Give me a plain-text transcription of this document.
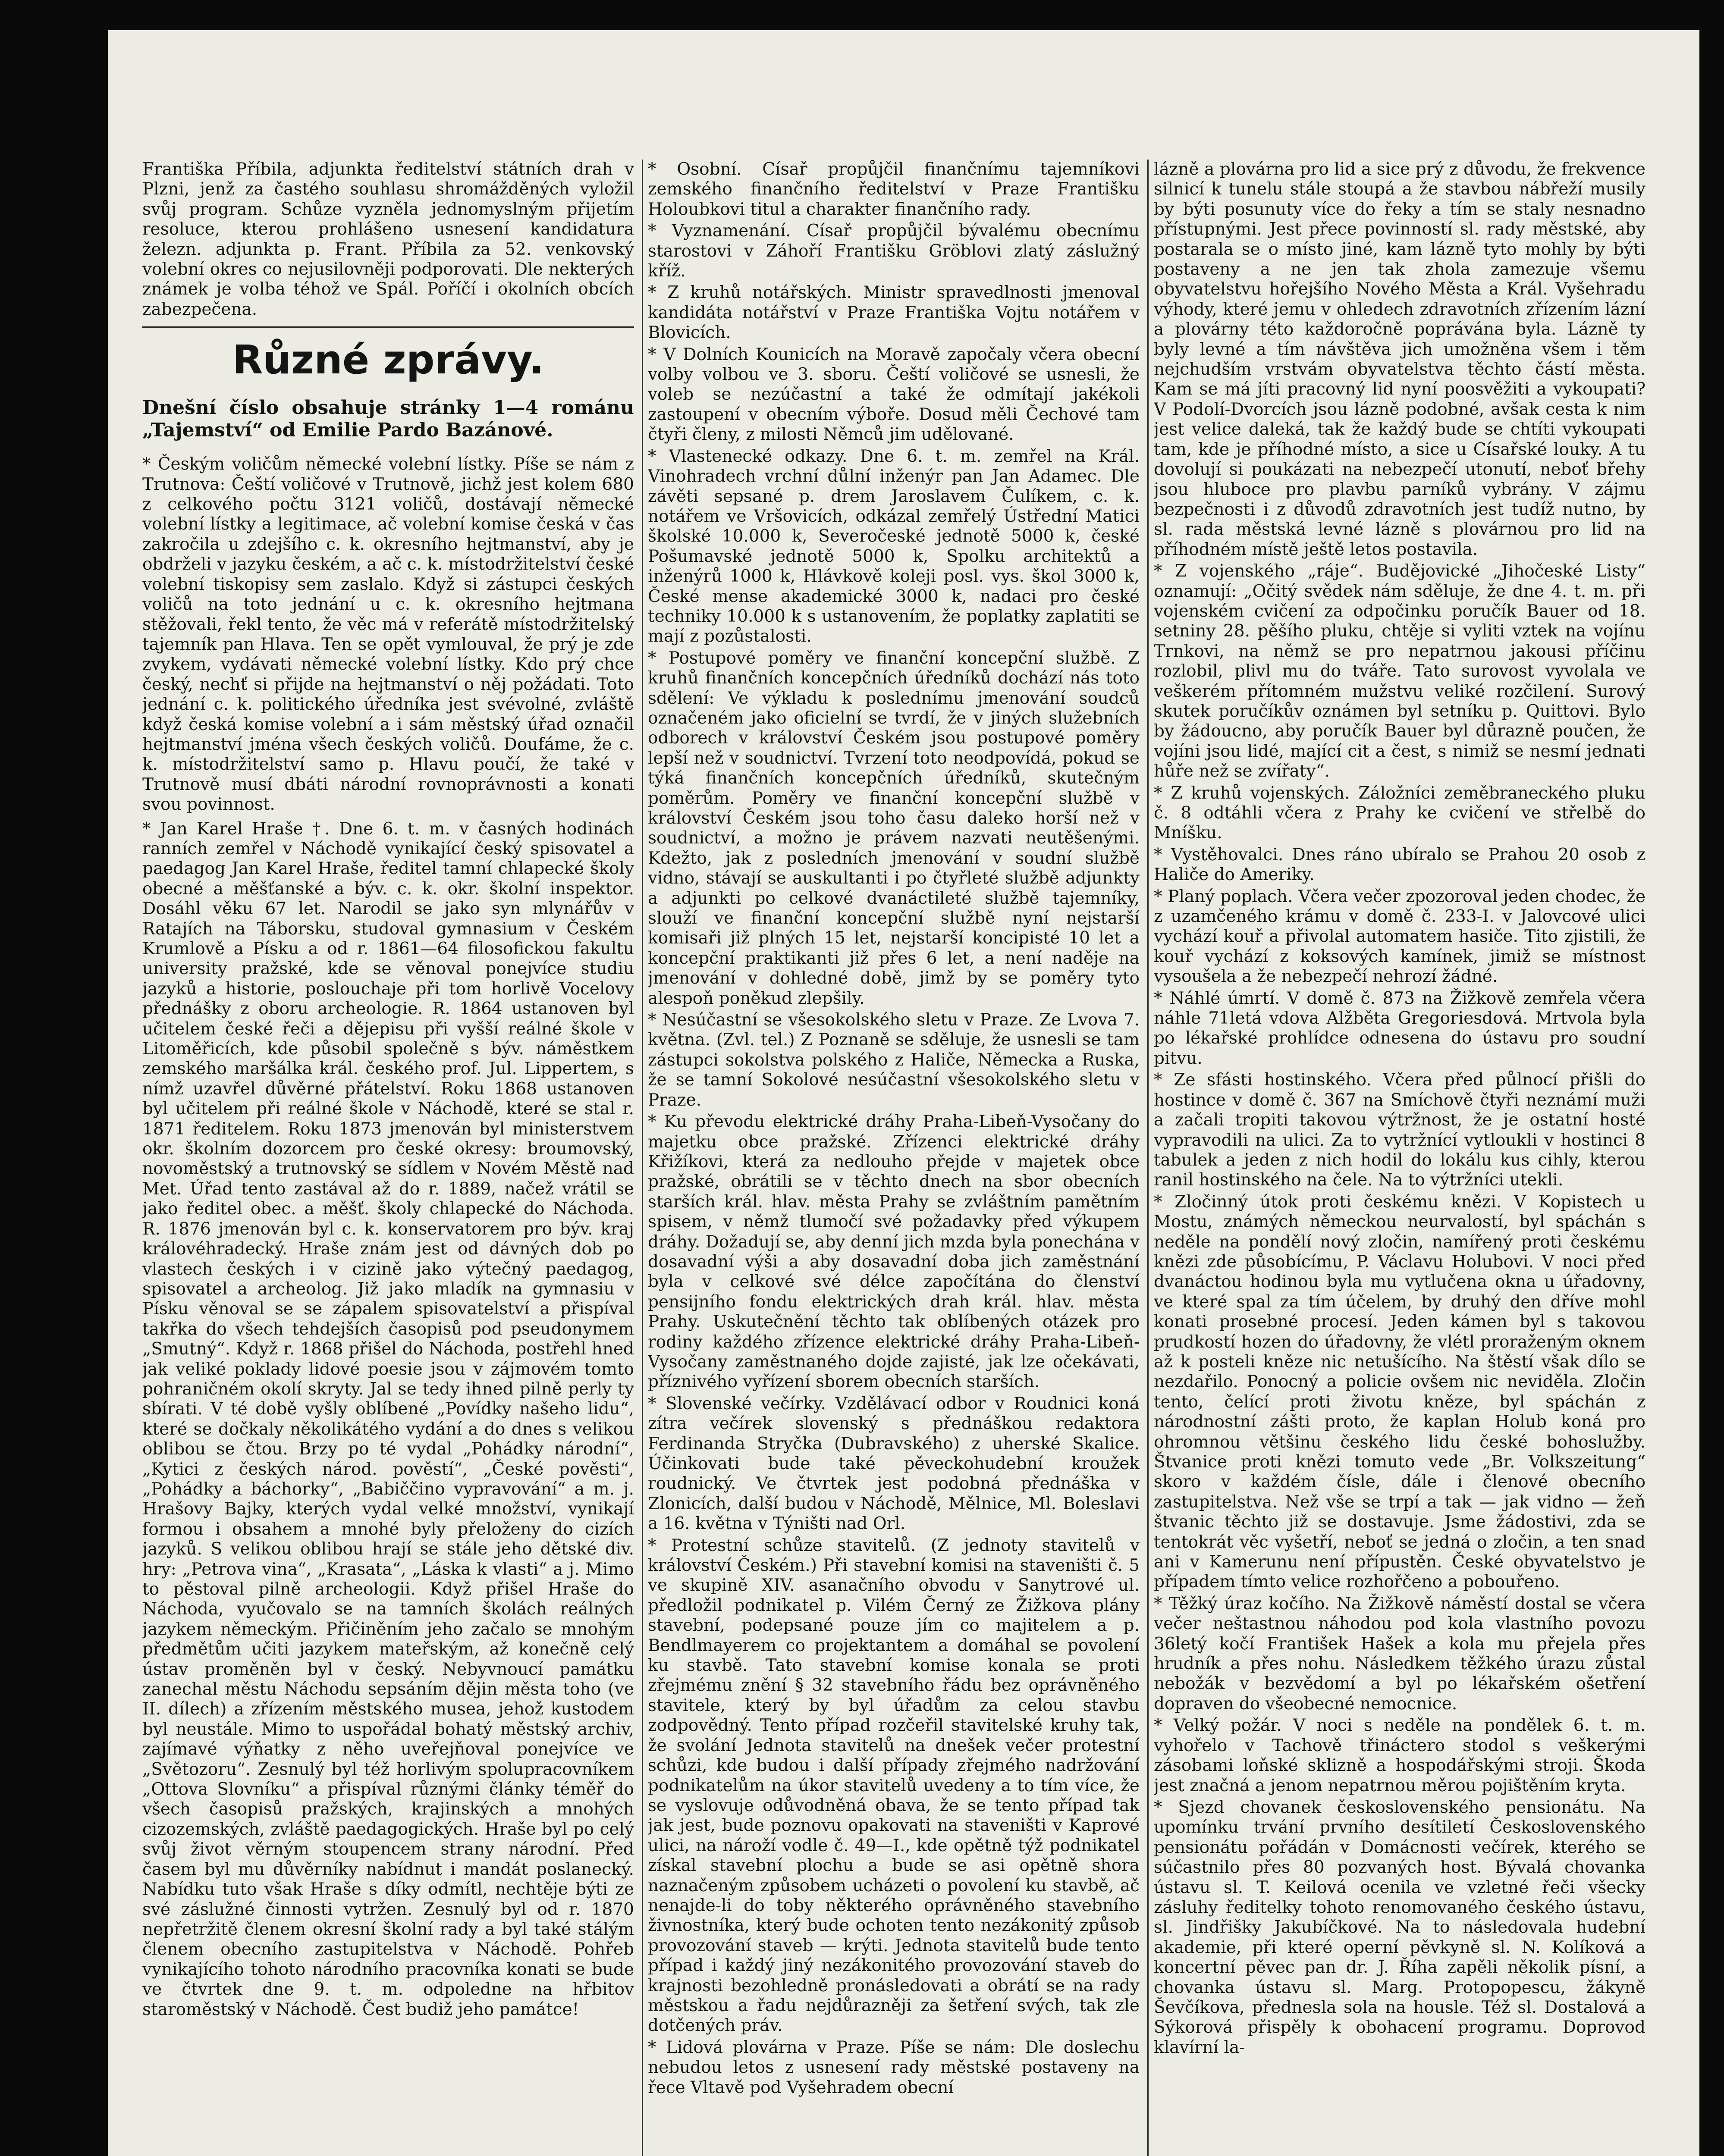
Františka Příbila, adjunkta ředitelství státních drah v Plzni, jenž za častého souhlasu shromážděných vyložil svůj program. Schůze vyzněla jednomyslným přijetím resoluce, kterou prohlášeno usnesení kandidatura železn. adjunkta p. Frant. Příbila za 52. venkovský volební okres co nejusilovněji podporovati. Dle nekterých známek je volba téhož ve Spál. Poříčí i okolních obcích zabezpečena.
Různé zprávy.
Dnešní číslo obsahuje stránky 1—4 románu „Tajemství“ od Emilie Pardo Bazánové.
* Českým voličům německé volební lístky. Píše se nám z Trutnova: Čeští voličové v Trutnově, jichž jest kolem 680 z celkového počtu 3121 voličů, dostávají německé volební lístky a legitimace, ač volební komise česká v čas zakročila u zdejšího c. k. okresního hejtmanství, aby je obdrželi v jazyku českém, a ač c. k. místodržitelství české volební tiskopisy sem zaslalo. Když si zástupci českých voličů na toto jednání u c. k. okresního hejtmana stěžovali, řekl tento, že věc má v referátě místodržitelský tajemník pan Hlava. Ten se opět vymlouval, že prý je zde zvykem, vydávati německé volební lístky. Kdo prý chce český, nechť si přijde na hejtmanství o něj požádati. Toto jednání c. k. politického úředníka jest svévolné, zvláště když česká komise volební a i sám městský úřad označil hejtmanství jména všech českých voličů. Doufáme, že c. k. místodržitelství samo p. Hlavu poučí, že také v Trutnově musí dbáti národní rovnoprávnosti a konati svou povinnost.
* Jan Karel Hraše †. Dne 6. t. m. v časných hodinách ranních zemřel v Náchodě vynikající český spisovatel a paedagog Jan Karel Hraše, ředitel tamní chlapecké školy obecné a měšťanské a býv. c. k. okr. školní inspektor. Dosáhl věku 67 let. Narodil se jako syn mlynářův v Ratajích na Táborsku, studoval gymnasium v Českém Krumlově a Písku a od r. 1861—64 filosofickou fakultu university pražské, kde se věnoval ponejvíce studiu jazyků a historie, poslouchaje při tom horlivě Vocelovy přednášky z oboru archeologie. R. 1864 ustanoven byl učitelem české řeči a dějepisu při vyšší reálné škole v Litoměřicích, kde působil společně s býv. náměstkem zemského maršálka král. českého prof. Jul. Lippertem, s nímž uzavřel důvěrné přátelství. Roku 1868 ustanoven byl učitelem při reálné škole v Náchodě, které se stal r. 1871 ředitelem. Roku 1873 jmenován byl ministerstvem okr. školním dozorcem pro české okresy: broumovský, novoměstský a trutnovský se sídlem v Novém Městě nad Met. Úřad tento zastával až do r. 1889, načež vrátil se jako ředitel obec. a měšť. školy chlapecké do Náchoda. R. 1876 jmenován byl c. k. konservatorem pro býv. kraj královéhradecký. Hraše znám jest od dávných dob po vlastech českých i v cizině jako výtečný paedagog, spisovatel a archeolog. Již jako mladík na gymnasiu v Písku věnoval se se zápalem spisovatelství a přispíval takřka do všech tehdejších časopisů pod pseudonymem „Smutný“. Když r. 1868 přišel do Náchoda, postřehl hned jak veliké poklady lidové poesie jsou v zájmovém tomto pohraničném okolí skryty. Jal se tedy ihned pilně perly ty sbírati. V té době vyšly oblíbené „Povídky našeho lidu“, které se dočkaly několikátého vydání a do dnes s velikou oblibou se čtou. Brzy po té vydal „Pohádky národní“, „Kytici z českých národ. pověstí“, „České pověsti“, „Pohádky a báchorky“, „Babiččino vypravování“ a m. j. Hrašovy Bajky, kterých vydal velké množství, vynikají formou i obsahem a mnohé byly přeloženy do cizích jazyků. S velikou oblibou hrají se stále jeho dětské div. hry: „Petrova vina“, „Krasata“, „Láska k vlasti“ a j. Mimo to pěstoval pilně archeologii. Když přišel Hraše do Náchoda, vyučovalo se na tamních školách reálných jazykem německým. Přičiněním jeho začalo se mnohým předmětům učiti jazykem mateřským, až konečně celý ústav proměněn byl v český. Nebyvnoucí památku zanechal městu Náchodu sepsáním dějin města toho (ve II. dílech) a zřízením městského musea, jehož kustodem byl neustále. Mimo to uspořádal bohatý městský archiv, zajímavé výňatky z něho uveřejňoval ponejvíce ve „Světozoru“. Zesnulý byl též horlivým spolupracovníkem „Ottova Slovníku“ a přispíval různými články téměř do všech časopisů pražských, krajinských a mnohých cizozemských, zvláště paedagogických. Hraše byl po celý svůj život věrným stoupencem strany národní. Před časem byl mu důvěrníky nabídnut i mandát poslanecký. Nabídku tuto však Hraše s díky odmítl, nechtěje býti ze své záslužné činnosti vytržen. Zesnulý byl od r. 1870 nepřetržitě členem okresní školní rady a byl také stálým členem obecního zastupitelstva v Náchodě. Pohřeb vynikajícího tohoto národního pracovníka konati se bude ve čtvrtek dne 9. t. m. odpoledne na hřbitov staroměstský v Náchodě. Čest budiž jeho památce!
* Osobní. Císař propůjčil finančnímu tajemníkovi zemského finančního ředitelství v Praze Františku Holoubkovi titul a charakter finančního rady.
* Vyznamenání. Císař propůjčil bývalému obecnímu starostovi v Záhoří Františku Gröblovi zlatý záslužný kříž.
* Z kruhů notářských. Ministr spravedlnosti jmenoval kandidáta notářství v Praze Františka Vojtu notářem v Blovicích.
* V Dolních Kounicích na Moravě započaly včera obecní volby volbou ve 3. sboru. Čeští voličové se usnesli, že voleb se nezúčastní a také že odmítají jakékoli zastoupení v obecním výboře. Dosud měli Čechové tam čtyři členy, z milosti Němců jim udělované.
* Vlastenecké odkazy. Dne 6. t. m. zemřel na Král. Vinohradech vrchní důlní inženýr pan Jan Adamec. Dle závěti sepsané p. drem Jaroslavem Čulíkem, c. k. notářem ve Vršovicích, odkázal zemřelý Ústřední Matici školské 10.000 k, Severočeské jednotě 5000 k, české Pošumavské jednotě 5000 k, Spolku architektů a inženýrů 1000 k, Hlávkově koleji posl. vys. škol 3000 k, České mense akademické 3000 k, nadaci pro české techniky 10.000 k s ustanovením, že poplatky zaplatiti se mají z pozůstalosti.
* Postupové poměry ve finanční koncepční službě. Z kruhů finančních koncepčních úředníků dochází nás toto sdělení: Ve výkladu k poslednímu jmenování soudců označeném jako oficielní se tvrdí, že v jiných služebních odborech v království Českém jsou postupové poměry lepší než v soudnictví. Tvrzení toto neodpovídá, pokud se týká finančních koncepčních úředníků, skutečným poměrům. Poměry ve finanční koncepční službě v království Českém jsou toho času daleko horší než v soudnictví, a možno je právem nazvati neutěšenými. Kdežto, jak z posledních jmenování v soudní službě vidno, stávají se auskultanti i po čtyřleté službě adjunkty a adjunkti po celkové dvanáctileté službě tajemníky, slouží ve finanční koncepční službě nyní nejstarší komisaři již plných 15 let, nejstarší koncipisté 10 let a koncepční praktikanti již přes 6 let, a není naděje na jmenování v dohledné době, jimž by se poměry tyto alespoň poněkud zlepšily.
* Nesúčastní se všesokolského sletu v Praze. Ze Lvova 7. května. (Zvl. tel.) Z Poznaně se sděluje, že usnesli se tam zástupci sokolstva polského z Haliče, Německa a Ruska, že se tamní Sokolové nesúčastní všesokolského sletu v Praze.
* Ku převodu elektrické dráhy Praha-Libeň-Vysočany do majetku obce pražské. Zřízenci elektrické dráhy Křižíkovi, která za nedlouho přejde v majetek obce pražské, obrátili se v těchto dnech na sbor obecních starších král. hlav. města Prahy se zvláštním pamětním spisem, v němž tlumočí své požadavky před výkupem dráhy. Dožadují se, aby denní jich mzda byla ponechána v dosavadní výši a aby dosavadní doba jich zaměstnání byla v celkové své délce započítána do členství pensijního fondu elektrických drah král. hlav. města Prahy. Uskutečnění těchto tak oblíbených otázek pro rodiny každého zřízence elektrické dráhy Praha-Libeň-Vysočany zaměstnaného dojde zajisté, jak lze očekávati, příznivého vyřízení sborem obecních starších.
* Slovenské večírky. Vzdělávací odbor v Roudnici koná zítra večírek slovenský s přednáškou redaktora Ferdinanda Stryčka (Dubravského) z uherské Skalice. Účinkovati bude také pěveckohudební kroužek roudnický. Ve čtvrtek jest podobná přednáška v Zlonicích, další budou v Náchodě, Mělnice, Ml. Boleslavi a 16. května v Týništi nad Orl.
* Protestní schůze stavitelů. (Z jednoty stavitelů v království Českém.) Při stavební komisi na staveništi č. 5 ve skupině XIV. asanačního obvodu v Sanytrové ul. předložil podnikatel p. Vilém Černý ze Žižkova plány stavební, podepsané pouze jím co majitelem a p. Bendlmayerem co projektantem a domáhal se povolení ku stavbě. Tato stavební komise konala se proti zřejmému znění § 32 stavebního řádu bez oprávněného stavitele, který by byl úřadům za celou stavbu zodpovědný. Tento případ rozčeřil stavitelské kruhy tak, že svolání Jednota stavitelů na dnešek večer protestní schůzi, kde budou i další případy zřejmého nadržování podnikatelům na úkor stavitelů uvedeny a to tím více, že se vyslovuje odůvodněná obava, že se tento případ tak jak jest, bude poznovu opakovati na staveništi v Kaprové ulici, na nároží vodle č. 49—I., kde opětně týž podnikatel získal stavební plochu a bude se asi opětně shora naznačeným způsobem ucházeti o povolení ku stavbě, ač nenajde-li do toby některého oprávněného stavebního živnostníka, který bude ochoten tento nezákonitý způsob provozování staveb — krýti. Jednota stavitelů bude tento případ i každý jiný nezákonitého provozování staveb do krajnosti bezohledně pronásledovati a obrátí se na rady městskou a řadu nejdůrazněji za šetření svých, tak zle dotčených práv.
* Lidová plovárna v Praze. Píše se nám: Dle doslechu nebudou letos z usnesení rady městské postaveny na řece Vltavě pod Vyšehradem obecní
lázně a plovárna pro lid a sice prý z důvodu, že frekvence silnicí k tunelu stále stoupá a že stavbou nábřeží musily by býti posunuty více do řeky a tím se staly nesnadno přístupnými. Jest přece povinností sl. rady městské, aby postarala se o místo jiné, kam lázně tyto mohly by býti postaveny a ne jen tak zhola zamezuje všemu obyvatelstvu hořejšího Nového Města a Král. Vyšehradu výhody, které jemu v ohledech zdravotních zřízením lázní a plovárny této každoročně poprávána byla. Lázně ty byly levné a tím návštěva jich umožněna všem i těm nejchudším vrstvám obyvatelstva těchto částí města. Kam se má jíti pracovný lid nyní poosvěžiti a vykoupati? V Podolí-Dvorcích jsou lázně podobné, avšak cesta k nim jest velice daleká, tak že každý bude se chtíti vykoupati tam, kde je příhodné místo, a sice u Císařské louky. A tu dovolují si poukázati na nebezpečí utonutí, neboť břehy jsou hluboce pro plavbu parníků vybrány. V zájmu bezpečnosti i z důvodů zdravotních jest tudíž nutno, by sl. rada městská levné lázně s plovárnou pro lid na příhodném místě ještě letos postavila.
* Z vojenského „ráje“. Budějovické „Jihočeské Listy“ oznamují: „Očitý svědek nám sděluje, že dne 4. t. m. při vojenském cvičení za odpočinku poručík Bauer od 18. setniny 28. pěšího pluku, chtěje si vyliti vztek na vojínu Trnkovi, na němž se pro nepatrnou jakousi příčinu rozlobil, plivl mu do tváře. Tato surovost vyvolala ve veškerém přítomném mužstvu veliké rozčilení. Surový skutek poručíkův oznámen byl setníku p. Quittovi. Bylo by žádoucno, aby poručík Bauer byl důrazně poučen, že vojíni jsou lidé, mající cit a čest, s nimiž se nesmí jednati hůře než se zvířaty“.
* Z kruhů vojenských. Záložníci zeměbraneckého pluku č. 8 odtáhli včera z Prahy ke cvičení ve střelbě do Mníšku.
* Vystěhovalci. Dnes ráno ubíralo se Prahou 20 osob z Haliče do Ameriky.
* Planý poplach. Včera večer zpozoroval jeden chodec, že z uzamčeného krámu v domě č. 233-I. v Jalovcové ulici vychází kouř a přivolal automatem hasiče. Tito zjistili, že kouř vychází z koksových kamínek, jimiž se místnost vysoušela a že nebezpečí nehrozí žádné.
* Náhlé úmrtí. V domě č. 873 na Žižkově zemřela včera náhle 71letá vdova Alžběta Gregoriesdová. Mrtvola byla po lékařské prohlídce odnesena do ústavu pro soudní pitvu.
* Ze sfásti hostinského. Včera před půlnocí přišli do hostince v domě č. 367 na Smíchově čtyři neznámí muži a začali tropiti takovou výtržnost, že je ostatní hosté vypravodili na ulici. Za to vytržnící vytloukli v hostinci 8 tabulek a jeden z nich hodil do lokálu kus cihly, kterou ranil hostinského na čele. Na to výtržníci utekli.
* Zločinný útok proti českému knězi. V Kopistech u Mostu, známých německou neurvalostí, byl spáchán s neděle na pondělí nový zločin, namířený proti českému knězi zde působícímu, P. Václavu Holubovi. V noci před dvanáctou hodinou byla mu vytlučena okna u úřadovny, ve které spal za tím účelem, by druhý den dříve mohl konati prosebné procesí. Jeden kámen byl s takovou prudkostí hozen do úřadovny, že vlétl proraženým oknem až k posteli kněze nic netušícího. Na štěstí však dílo se nezdařilo. Ponocný a policie ovšem nic neviděla. Zločin tento, čelící proti životu kněze, byl spáchán z národnostní zášti proto, že kaplan Holub koná pro ohromnou většinu českého lidu české bohoslužby. Štvanice proti knězi tomuto vede „Br. Volkszeitung“ skoro v každém čísle, dále i členové obecního zastupitelstva. Než vše se trpí a tak — jak vidno — žeň štvanic těchto již se dostavuje. Jsme žádostivi, zda se tentokrát věc vyšetří, neboť se jedná o zločin, a ten snad ani v Kamerunu není přípustěn. České obyvatelstvo je případem tímto velice rozhořčeno a pobouřeno.
* Těžký úraz kočího. Na Žižkově náměstí dostal se včera večer neštastnou náhodou pod kola vlastního povozu 36letý kočí František Hašek a kola mu přejela přes hrudník a přes nohu. Následkem těžkého úrazu zůstal nebožák v bezvědomí a byl po lékařském ošetření dopraven do všeobecné nemocnice.
* Velký požár. V noci s neděle na pondělek 6. t. m. vyhořelo v Tachově třináctero stodol s veškerými zásobami loňské sklizně a hospodářskými stroji. Škoda jest značná a jenom nepatrnou měrou pojištěním kryta.
* Sjezd chovanek československého pensionátu. Na upomínku trvání prvního desítiletí Československého pensionátu pořádán v Domácnosti večírek, kterého se súčastnilo přes 80 pozvaných host. Bývalá chovanka ústavu sl. T. Keilová ocenila ve vzletné řeči všecky zásluhy ředitelky tohoto renomovaného českého ústavu, sl. Jindřišky Jakubíčkové. Na to následovala hudební akademie, při které operní pěvkyně sl. N. Kolíková a koncertní pěvec pan dr. J. Říha zapěli několik písní, a chovanka ústavu sl. Marg. Protopopescu, žákyně Ševčíkova, přednesla sola na housle. Též sl. Dostalová a Sýkorová přispěly k obohacení programu. Doprovod klavírní la-
